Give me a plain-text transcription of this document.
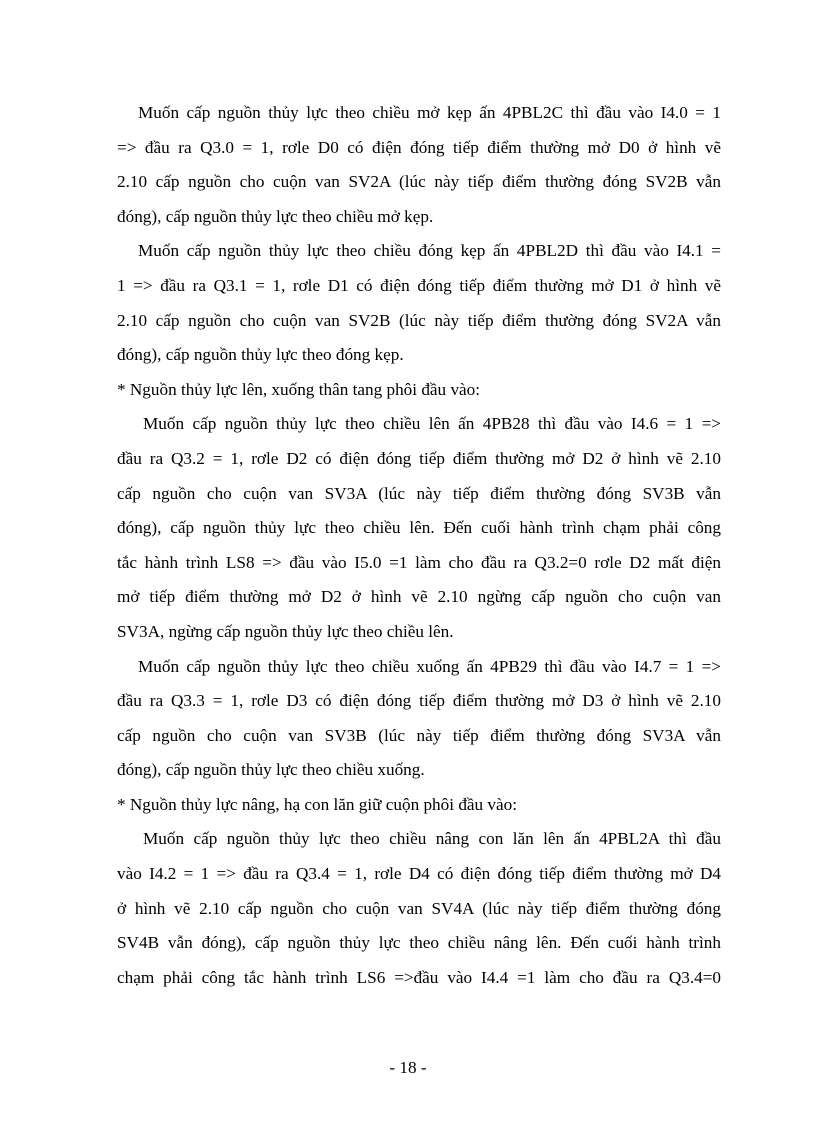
Muốn cấp nguồn thủy lực theo chiều mở kẹp ấn 4PBL2C thì đầu vào I4.0 = 1
=> đầu ra Q3.0 = 1, rơle D0 có điện đóng tiếp điểm thường mở D0 ở hình vẽ
2.10 cấp nguồn cho cuộn van SV2A (lúc này tiếp điểm thường đóng SV2B vẫn
đóng), cấp nguồn thủy lực theo chiều mở kẹp.
Muốn cấp nguồn thủy lực theo chiều đóng kẹp ấn 4PBL2D thì đầu vào I4.1 =
1 => đầu ra Q3.1 = 1, rơle D1 có điện đóng tiếp điểm thường mở D1 ở hình vẽ
2.10 cấp nguồn cho cuộn van SV2B (lúc này tiếp điểm thường đóng SV2A vẫn
đóng), cấp nguồn thủy lực theo đóng kẹp.
* Nguồn thủy lực lên, xuống thân tang phôi đầu vào:
Muốn cấp nguồn thủy lực theo chiều lên ấn 4PB28 thì đầu vào I4.6 = 1 =>
đầu ra Q3.2 = 1, rơle D2 có điện đóng tiếp điểm thường mở D2 ở hình vẽ 2.10
cấp nguồn cho cuộn van SV3A (lúc này tiếp điểm thường đóng SV3B vẫn
đóng), cấp nguồn thủy lực theo chiều lên. Đến cuối hành trình chạm phải công
tắc hành trình LS8 => đầu vào I5.0 =1 làm cho đầu ra Q3.2=0 rơle D2 mất điện
mở tiếp điểm thường mở D2 ở hình vẽ 2.10 ngừng cấp nguồn cho cuộn van
SV3A, ngừng cấp nguồn thủy lực theo chiều lên.
Muốn cấp nguồn thủy lực theo chiều xuống ấn 4PB29 thì đầu vào I4.7 = 1 =>
đầu ra Q3.3 = 1, rơle D3 có điện đóng tiếp điểm thường mở D3 ở hình vẽ 2.10
cấp nguồn cho cuộn van SV3B (lúc này tiếp điểm thường đóng SV3A vẫn
đóng), cấp nguồn thủy lực theo chiều xuống.
* Nguồn thủy lực nâng, hạ con lăn giữ cuộn phôi đầu vào:
Muốn cấp nguồn thủy lực theo chiều nâng con lăn lên ấn 4PBL2A thì đầu
vào I4.2 = 1 => đầu ra Q3.4 = 1, rơle D4 có điện đóng tiếp điểm thường mở D4
ở hình vẽ 2.10 cấp nguồn cho cuộn van SV4A (lúc này tiếp điểm thường đóng
SV4B vẫn đóng), cấp nguồn thủy lực theo chiều nâng lên. Đến cuối hành trình
chạm phải công tắc hành trình LS6 =>đầu vào I4.4 =1 làm cho đầu ra Q3.4=0
- 18 -
